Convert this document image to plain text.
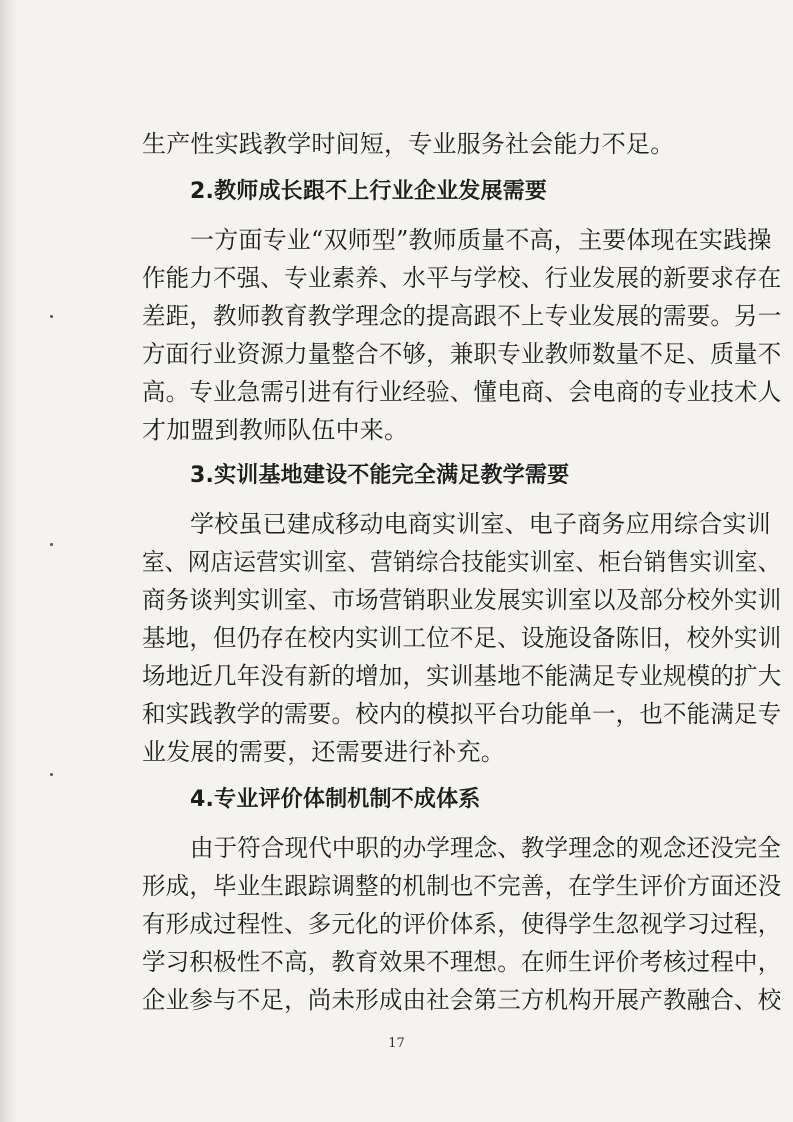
生产性实践教学时间短，专业服务社会能力不足。
2.教师成长跟不上行业企业发展需要
一方面专业“双师型”教师质量不高，主要体现在实践操
作能力不强、专业素养、水平与学校、行业发展的新要求存在
差距，教师教育教学理念的提高跟不上专业发展的需要。另一
方面行业资源力量整合不够，兼职专业教师数量不足、质量不
高。专业急需引进有行业经验、懂电商、会电商的专业技术人
才加盟到教师队伍中来。
3.实训基地建设不能完全满足教学需要
学校虽已建成移动电商实训室、电子商务应用综合实训
室、网店运营实训室、营销综合技能实训室、柜台销售实训室、
商务谈判实训室、市场营销职业发展实训室以及部分校外实训
基地，但仍存在校内实训工位不足、设施设备陈旧，校外实训
场地近几年没有新的增加，实训基地不能满足专业规模的扩大
和实践教学的需要。校内的模拟平台功能单一，也不能满足专
业发展的需要，还需要进行补充。
4.专业评价体制机制不成体系
由于符合现代中职的办学理念、教学理念的观念还没完全
形成，毕业生跟踪调整的机制也不完善，在学生评价方面还没
有形成过程性、多元化的评价体系，使得学生忽视学习过程，
学习积极性不高，教育效果不理想。在师生评价考核过程中，
企业参与不足，尚未形成由社会第三方机构开展产教融合、校
17
